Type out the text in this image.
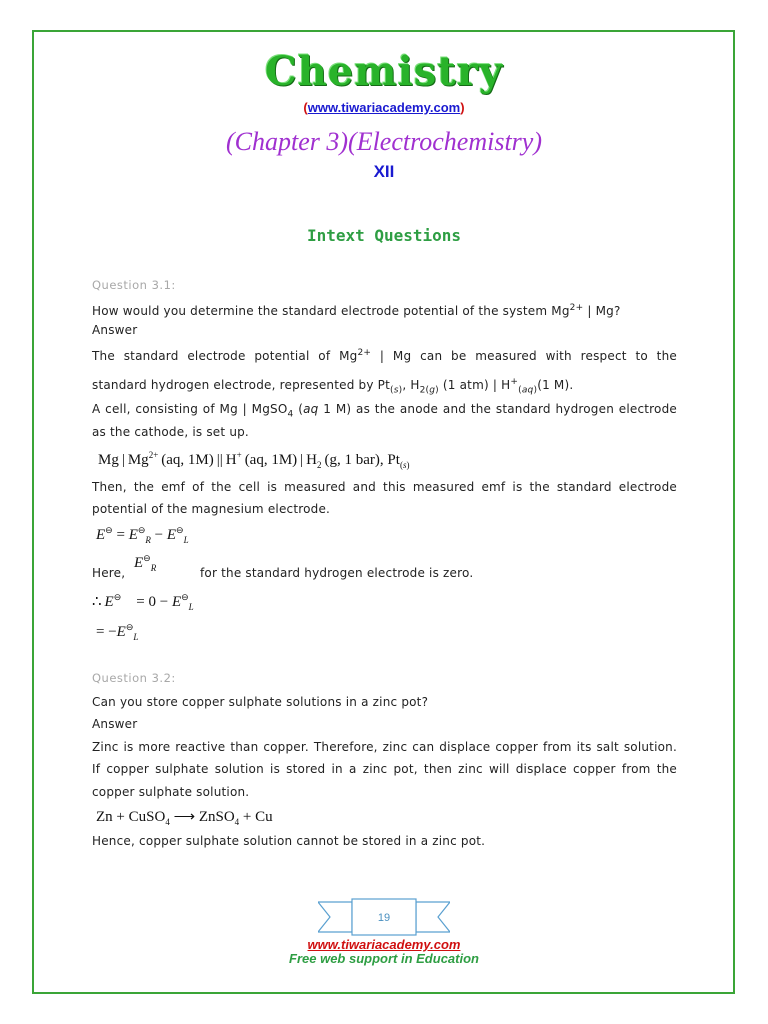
Chemistry
(www.tiwariacademy.com)
(Chapter 3)(Electrochemistry)
XII
Intext Questions
Question 3.1:
How would you determine the standard electrode potential of the system $Mg^{2+}$ | Mg?
Answer
The standard electrode potential of $Mg^{2+}$ | Mg can be measured with respect to the
standard hydrogen electrode, represented by $Pt_{(s)}$, $H_{2(g)}$ (1 atm) | $H^+_{(aq)}(1$ M).
A cell, consisting of Mg | MgSO$_4$ (aq 1 M) as the anode and the standard hydrogen electrode
as the cathode, is set up.
Mg | $Mg^{2+}$ (aq, 1M) || H+ (aq, 1M) | $H_2$ (g, 1 bar), $Pt_{(s)}$
Then, the emf of the cell is measured and this measured emf is the standard electrode
potential of the magnesium electrode.
$E^⊖ = E^⊖_R - E^⊖_L$
Here,
$E^⊖_R$	for the standard hydrogen electrode is zero.
∴ E⊖ = $0 - E^⊖_L$
= $-E^⊖_L$
Question 3.2:
Can you store copper sulphate solutions in a zinc pot?
Answer
Zinc is more reactive than copper. Therefore, zinc can displace copper from its salt solution.
If copper sulphate solution is stored in a zinc pot, then zinc will displace copper from the
copper sulphate solution.
Zn + CuSO$_4$ ⟶ ZnSO$_4$ + Cu
Hence, copper sulphate solution cannot be stored in a zinc pot.
19
www.tiwariacademy.com
Free web support in Education
